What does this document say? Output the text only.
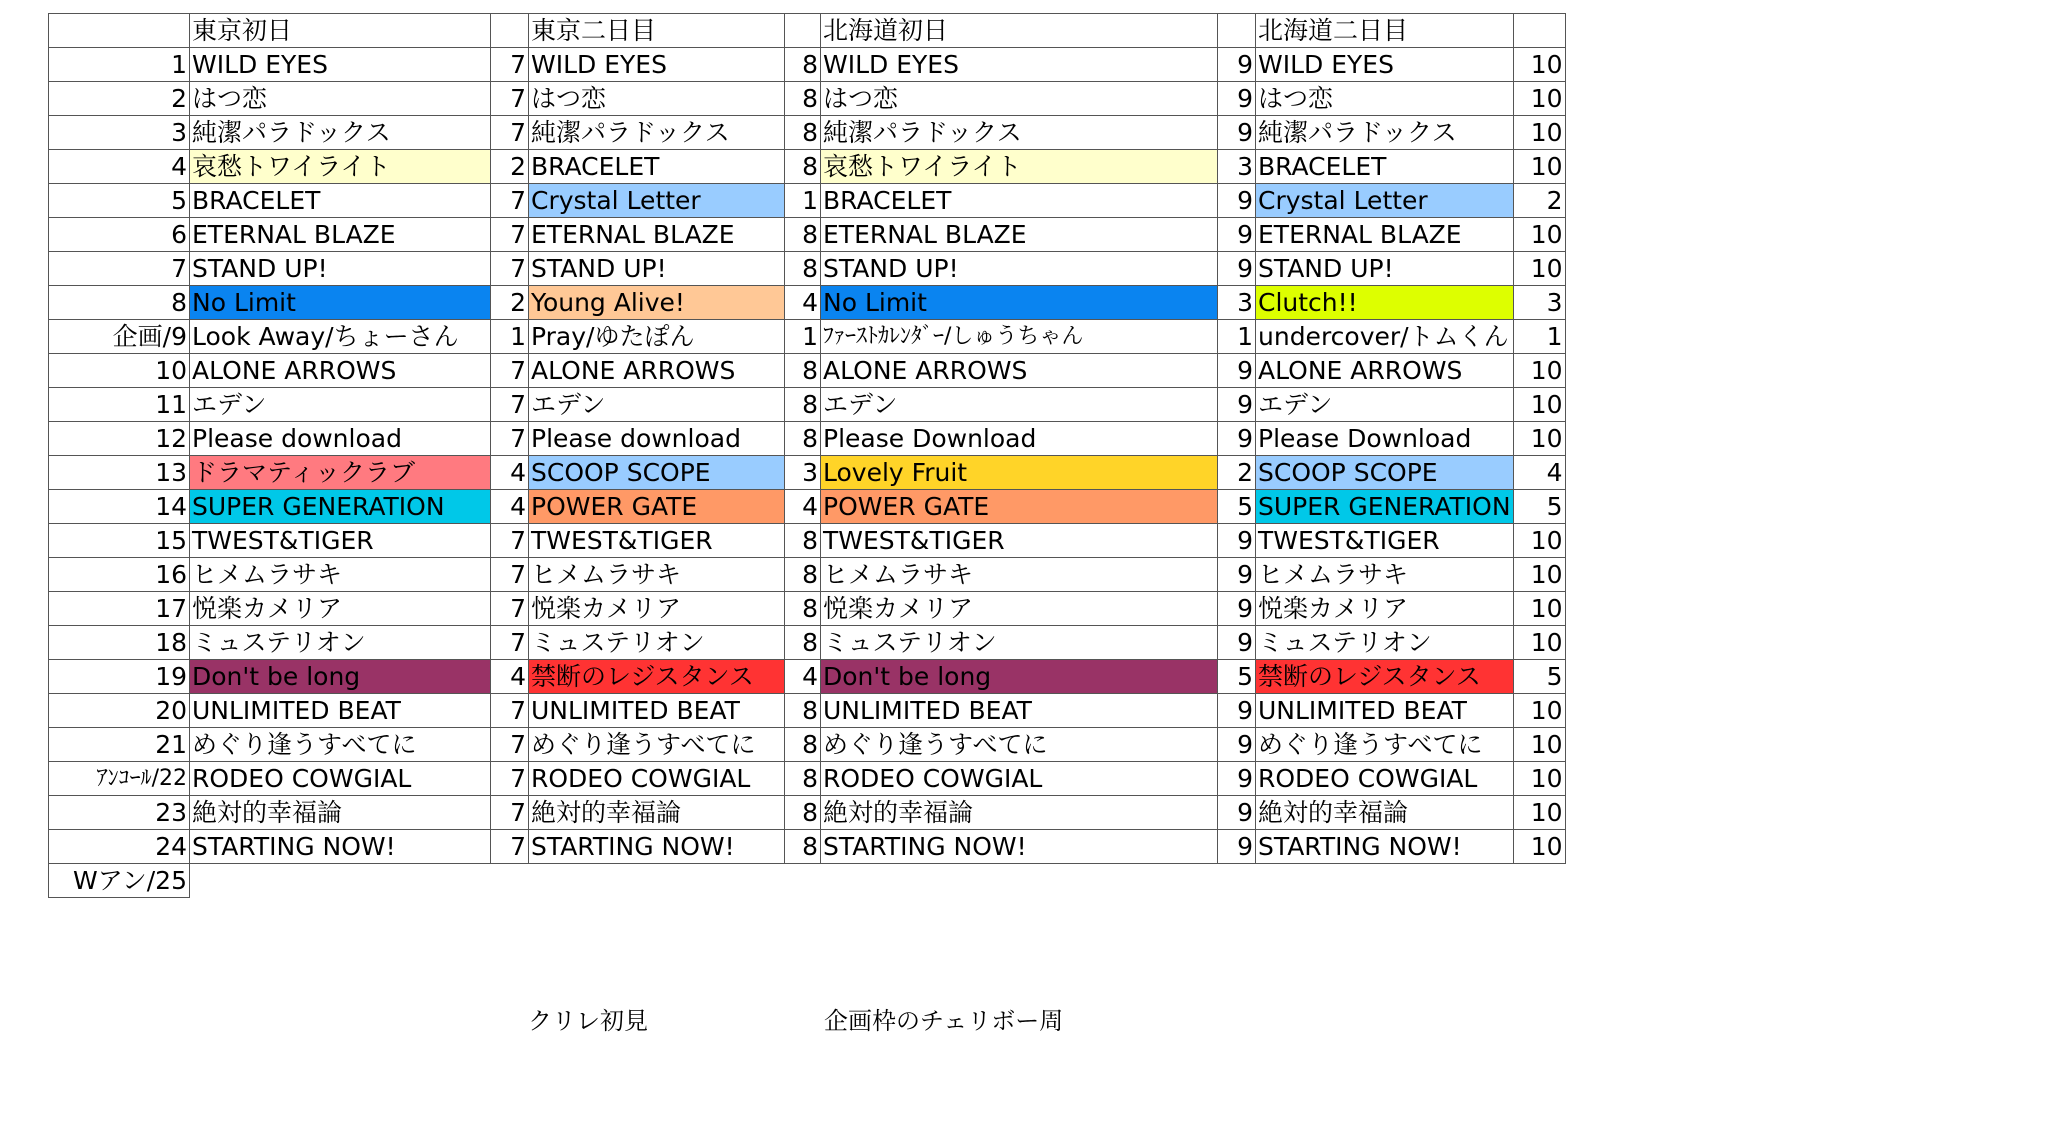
	東京初日		東京二日目		北海道初日		北海道二日目	
1	WILD EYES	7	WILD EYES	8	WILD EYES	9	WILD EYES	10
2	はつ恋	7	はつ恋	8	はつ恋	9	はつ恋	10
3	純潔パラドックス	7	純潔パラドックス	8	純潔パラドックス	9	純潔パラドックス	10
4	哀愁トワイライト	2	BRACELET	8	哀愁トワイライト	3	BRACELET	10
5	BRACELET	7	Crystal Letter	1	BRACELET	9	Crystal Letter	2
6	ETERNAL BLAZE	7	ETERNAL BLAZE	8	ETERNAL BLAZE	9	ETERNAL BLAZE	10
7	STAND UP!	7	STAND UP!	8	STAND UP!	9	STAND UP!	10
8	No Limit	2	Young Alive!	4	No Limit	3	Clutch!!	3
企画/9	Look Away/ちょーさん	1	Pray/ゆたぽん	1	ﾌｧｰｽﾄｶﾚﾝﾀﾞｰ/しゅうちゃん	1	undercover/トムくん	1
10	ALONE ARROWS	7	ALONE ARROWS	8	ALONE ARROWS	9	ALONE ARROWS	10
11	エデン	7	エデン	8	エデン	9	エデン	10
12	Please download	7	Please download	8	Please Download	9	Please Download	10
13	ドラマティックラブ	4	SCOOP SCOPE	3	Lovely Fruit	2	SCOOP SCOPE	4
14	SUPER GENERATION	4	POWER GATE	4	POWER GATE	5	SUPER GENERATION	5
15	TWEST&TIGER	7	TWEST&TIGER	8	TWEST&TIGER	9	TWEST&TIGER	10
16	ヒメムラサキ	7	ヒメムラサキ	8	ヒメムラサキ	9	ヒメムラサキ	10
17	悦楽カメリア	7	悦楽カメリア	8	悦楽カメリア	9	悦楽カメリア	10
18	ミュステリオン	7	ミュステリオン	8	ミュステリオン	9	ミュステリオン	10
19	Don't be long	4	禁断のレジスタンス	4	Don't be long	5	禁断のレジスタンス	5
20	UNLIMITED BEAT	7	UNLIMITED BEAT	8	UNLIMITED BEAT	9	UNLIMITED BEAT	10
21	めぐり逢うすべてに	7	めぐり逢うすべてに	8	めぐり逢うすべてに	9	めぐり逢うすべてに	10
ｱﾝｺｰﾙ/22	RODEO COWGIAL	7	RODEO COWGIAL	8	RODEO COWGIAL	9	RODEO COWGIAL	10
23	絶対的幸福論	7	絶対的幸福論	8	絶対的幸福論	9	絶対的幸福論	10
24	STARTING NOW!	7	STARTING NOW!	8	STARTING NOW!	9	STARTING NOW!	10
Wアン/25								
クリレ初見	企画枠のチェリボー周
